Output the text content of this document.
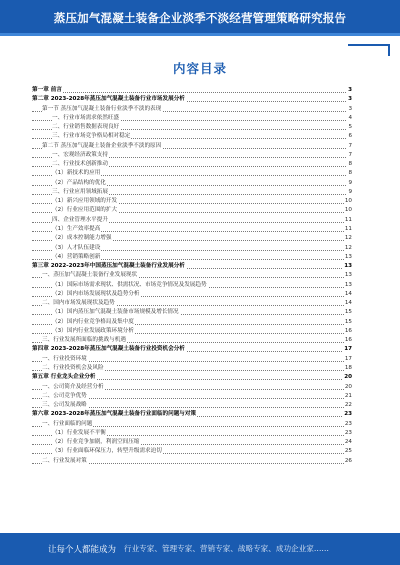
蒸压加气混凝土装备企业淡季不淡经营管理策略研究报告
内容目录
第一章 前言	3
第二章 2023-2028年蒸压加气混凝土装备行业市场发展分析	3
第一节 蒸压加气混凝土装备行业淡季不淡的表现	3
一、行业市场需求依然旺盛	4
二、行业销售数据表现良好	5
三、行业市场竞争格局相对稳定	6
第二节 蒸压加气混凝土装备企业淡季不淡的原因	7
一、宏观经济政策支持	7
二、行业技术创新推动	8
（1）新技术的应用	8
（2）产品结构的优化	9
三、行业应用领域拓展	9
（1）新兴应用领域的开发	10
（2）行业应用范围的扩大	10
四、企业管理水平提升	11
（1）生产效率提高	11
（2）成本控制能力增强	12
（3）人才队伍建设	12
（4）营销策略创新	13
第三章 2022-2023年中国蒸压加气混凝土装备行业发展分析	13
一、蒸压加气混凝土装备行业发展现状	13
（1）国际市场需求现状、供需状况、市场竞争情况及发展趋势	13
（2）国内市场发展现状及趋势分析	14
二、国内市场发展现状及趋势	14
（1）国内蒸压加气混凝土装备市场规模及增长情况	15
（2）国内行业竞争格局及集中度	15
（3）国内行业发展政策环境分析	16
三、行业发展所面临的挑战与机遇	16
第四章 2023-2028年蒸压加气混凝土装备行业投资机会分析	17
一、行业投资环境	17
二、行业投资机会及风险	18
第五章 行业龙头企业分析	20
一、公司简介及经营分析	20
二、公司竞争优势	21
三、公司发展战略	22
第六章 2023-2028年蒸压加气混凝土装备行业面临的问题与对策	23
一、行业面临的问题	23
（1）行业发展不平衡	23
（2）行业竞争加剧，利润空间压缩	24
（3）行业面临环保压力，转型升级需求迫切	25
二、行业发展对策	26
让每个人都能成为 行业专家、管理专家、营销专家、战略专家、成功企业家……
